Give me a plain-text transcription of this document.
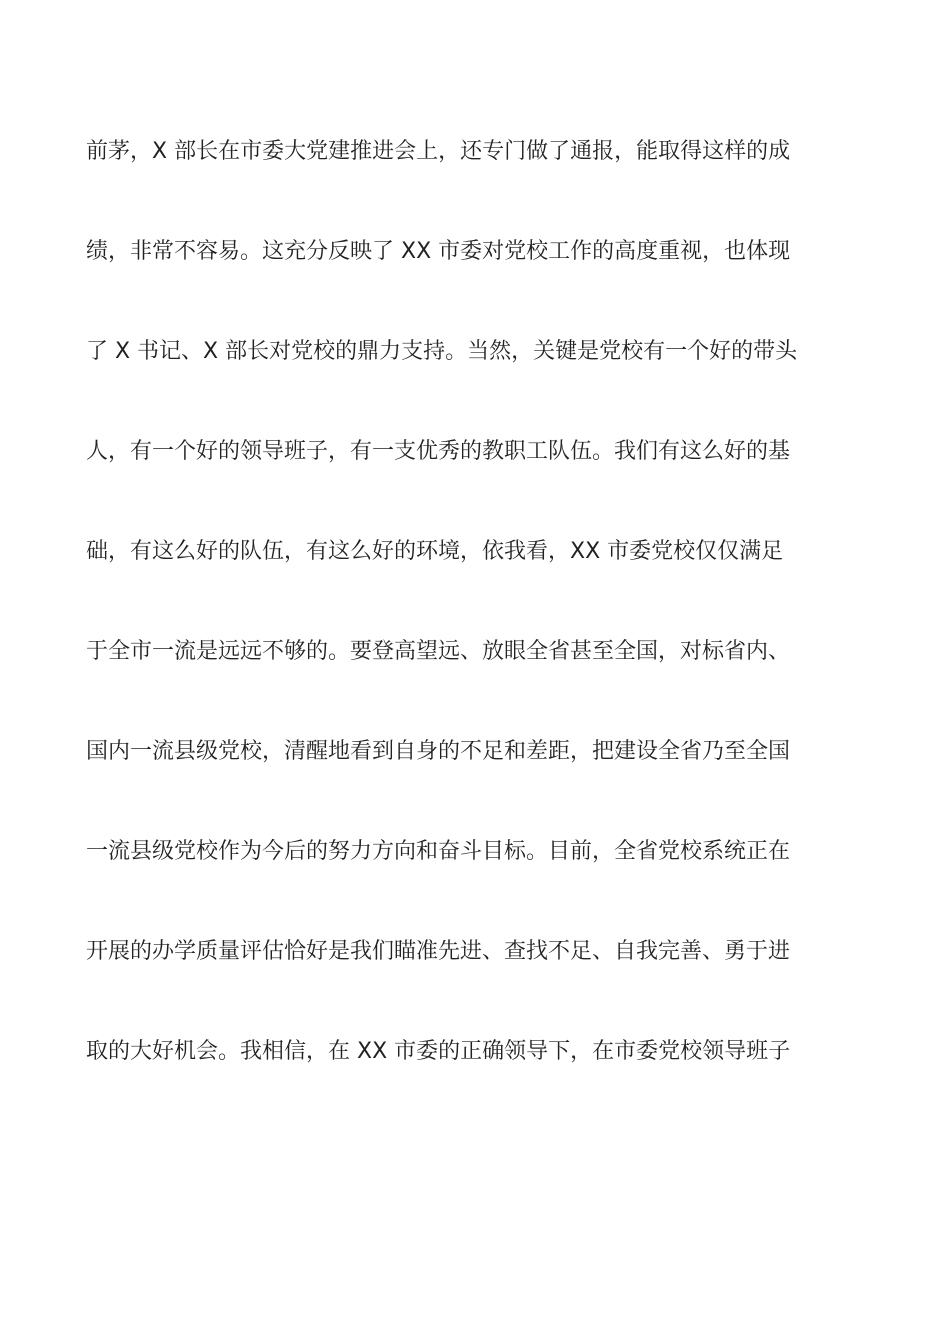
前茅，X 部长在市委大党建推进会上，还专门做了通报，能取得这样的成
绩，非常不容易。这充分反映了 XX 市委对党校工作的高度重视，也体现
了 X 书记、X 部长对党校的鼎力支持。当然，关键是党校有一个好的带头
人，有一个好的领导班子，有一支优秀的教职工队伍。我们有这么好的基
础，有这么好的队伍，有这么好的环境，依我看，XX 市委党校仅仅满足
于全市一流是远远不够的。要登高望远、放眼全省甚至全国，对标省内、
国内一流县级党校，清醒地看到自身的不足和差距，把建设全省乃至全国
一流县级党校作为今后的努力方向和奋斗目标。目前，全省党校系统正在
开展的办学质量评估恰好是我们瞄准先进、查找不足、自我完善、勇于进
取的大好机会。我相信，在 XX 市委的正确领导下，在市委党校领导班子
